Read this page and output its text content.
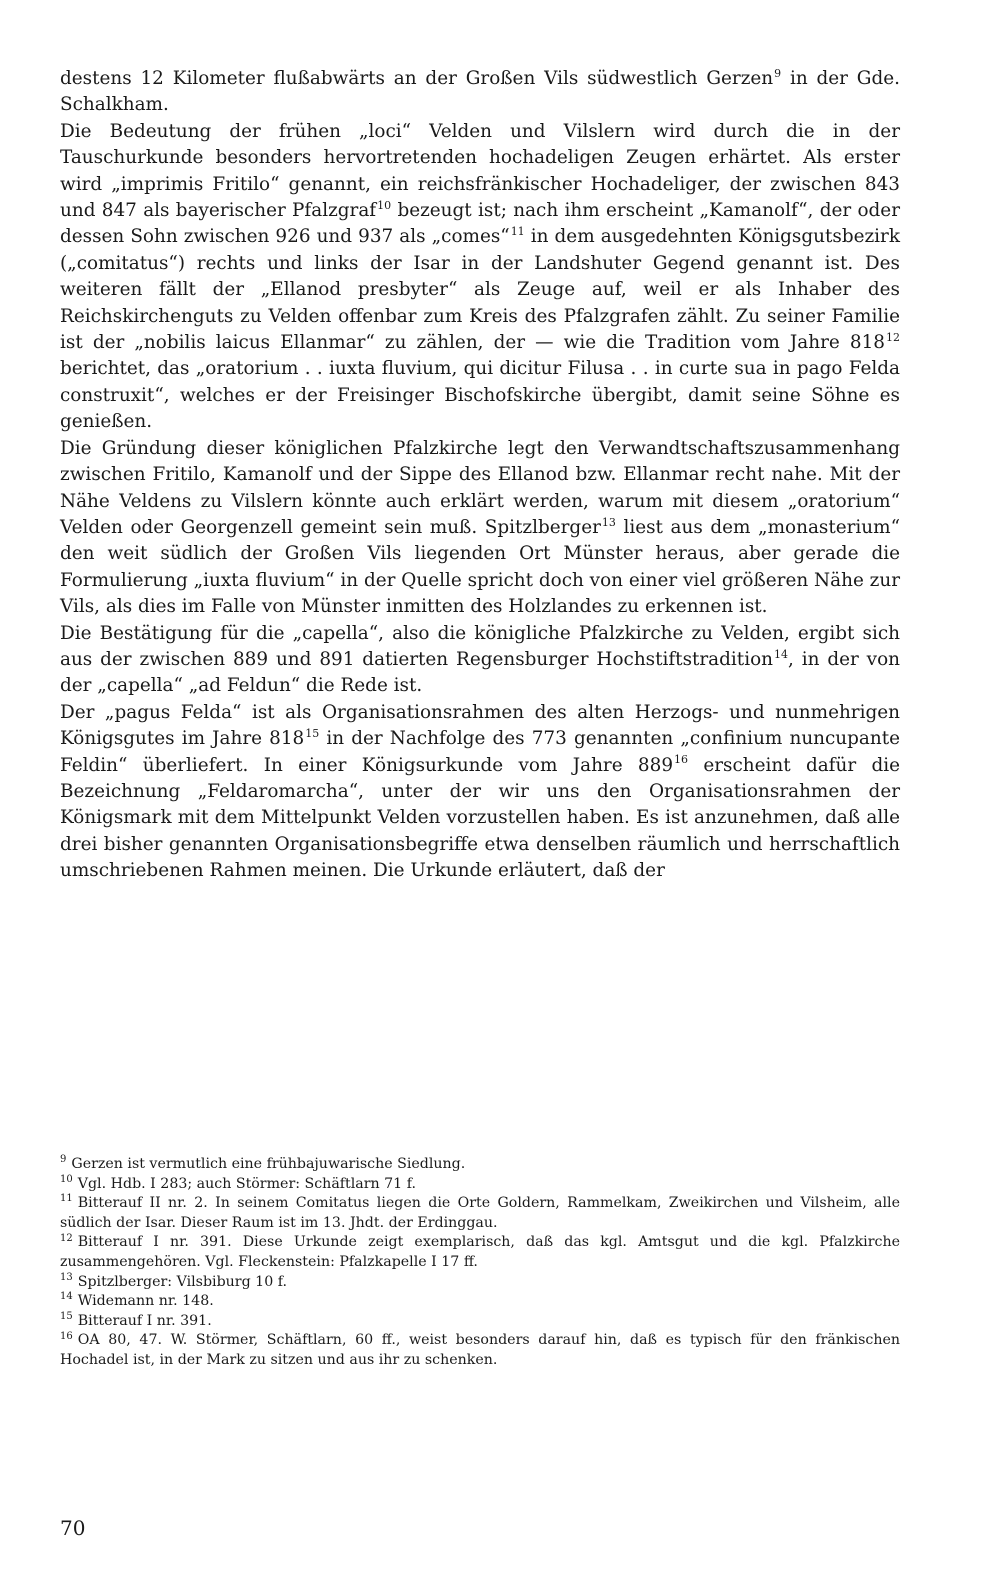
destens 12 Kilometer flußabwärts an der Großen Vils südwestlich Gerzen$^9$ in der Gde. Schalkham.

Die Bedeutung der frühen „loci“ Velden und Vilslern wird durch die in der Tauschurkunde besonders hervortretenden hochadeligen Zeugen erhärtet. Als erster wird „imprimis Fritilo“ genannt, ein reichsfränkischer Hochadeliger, der zwischen 843 und 847 als bayerischer Pfalzgraf$^{10}$ bezeugt ist; nach ihm erscheint „Kamanolf“, der oder dessen Sohn zwischen 926 und 937 als „comes“$^{11}$ in dem ausgedehnten Königsgutsbezirk („comitatus“) rechts und links der Isar in der Landshuter Gegend genannt ist. Des weiteren fällt der „Ellanod presbyter“ als Zeuge auf, weil er als Inhaber des Reichskirchenguts zu Velden offenbar zum Kreis des Pfalzgrafen zählt. Zu seiner Familie ist der „nobilis laicus Ellanmar“ zu zählen, der — wie die Tradition vom Jahre $818^{12}$ berichtet, das „oratorium . . iuxta fluvium, qui dicitur Filusa . . in curte sua in pago Felda construxit“, welches er der Freisinger Bischofskirche übergibt, damit seine Söhne es genießen.

Die Gründung dieser königlichen Pfalzkirche legt den Verwandtschaftszusammenhang zwischen Fritilo, Kamanolf und der Sippe des Ellanod bzw. Ellanmar recht nahe. Mit der Nähe Veldens zu Vilslern könnte auch erklärt werden, warum mit diesem „oratorium“ Velden oder Georgenzell gemeint sein muß. Spitzlberger$^{13}$ liest aus dem „monasterium“ den weit südlich der Großen Vils liegenden Ort Münster heraus, aber gerade die Formulierung „iuxta fluvium“ in der Quelle spricht doch von einer viel größeren Nähe zur Vils, als dies im Falle von Münster inmitten des Holzlandes zu erkennen ist.

Die Bestätigung für die „capella“, also die königliche Pfalzkirche zu Velden, ergibt sich aus der zwischen 889 und 891 datierten Regensburger Hochstiftstradition$^{14}$, in der von der „capella“ „ad Feldun“ die Rede ist.

Der „pagus Felda“ ist als Organisationsrahmen des alten Herzogs- und nunmehrigen Königsgutes im Jahre $818^{15}$ in der Nachfolge des 773 genannten „confinium nuncupante Feldin“ überliefert. In einer Königsurkunde vom Jahre $889^{16}$ erscheint dafür die Bezeichnung „Feldaromarcha“, unter der wir uns den Organisationsrahmen der Königsmark mit dem Mittelpunkt Velden vorzustellen haben. Es ist anzunehmen, daß alle drei bisher genannten Organisationsbegriffe etwa denselben räumlich und herrschaftlich umschriebenen Rahmen meinen. Die Urkunde erläutert, daß der

$^9$ Gerzen ist vermutlich eine frühbajuwarische Siedlung.
$^{10}$ Vgl. Hdb. I 283; auch Störmer: Schäftlarn 71 f.
$^{11}$ Bitterauf II nr. 2. In seinem Comitatus liegen die Orte Goldern, Rammelkam, Zweikirchen und Vilsheim, alle südlich der Isar. Dieser Raum ist im 13. Jhdt. der Erdinggau.
$^{12}$ Bitterauf I nr. 391. Diese Urkunde zeigt exemplarisch, daß das kgl. Amtsgut und die kgl. Pfalzkirche zusammengehören. Vgl. Fleckenstein: Pfalzkapelle I 17 ff.
$^{13}$ Spitzlberger: Vilsbiburg 10 f.
$^{14}$ Widemann nr. 148.
$^{15}$ Bitterauf I nr. 391.
$^{16}$ OA 80, 47. W. Störmer, Schäftlarn, 60 ff., weist besonders darauf hin, daß es typisch für den fränkischen Hochadel ist, in der Mark zu sitzen und aus ihr zu schenken.
70
